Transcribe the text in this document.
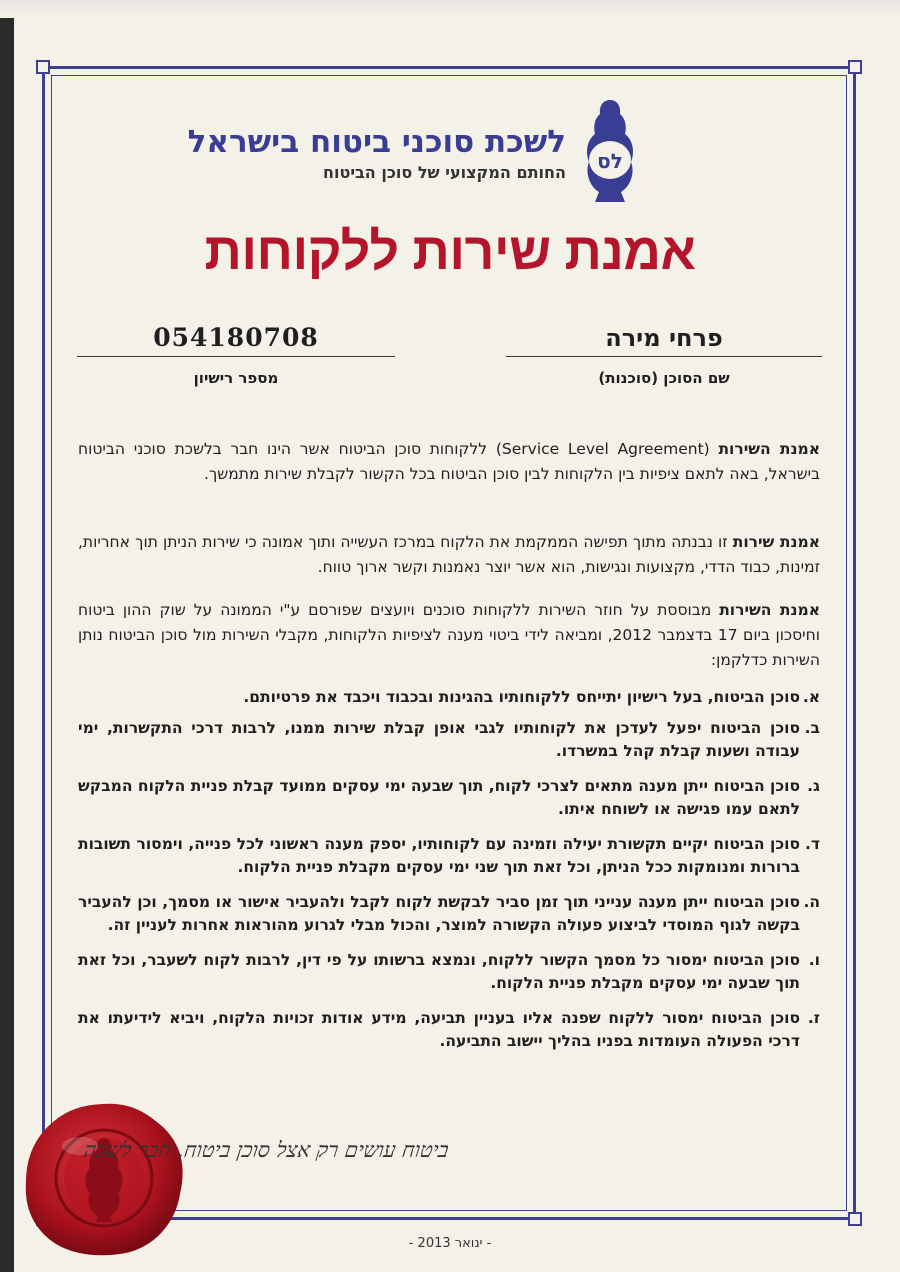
לס
לשכת סוכני ביטוח בישראל
החותם המקצועי של סוכן הביטוח
אמנת שירות ללקוחות
פרחי מירה
שם הסוכן (סוכנות)
054180708
מספר רישיון
אמנת השירות (Service Level Agreement) ללקוחות סוכן הביטוח אשר הינו חבר בלשכת סוכני הביטוח בישראל, באה לתאם ציפיות בין הלקוחות לבין סוכן הביטוח בכל הקשור לקבלת שירות מתמשך.
אמנת שירות זו נבנתה מתוך תפישה הממקמת את הלקוח במרכז העשייה ותוך אמונה כי שירות הניתן תוך אחריות, זמינות, כבוד הדדי, מקצועות ונגישות, הוא אשר יוצר נאמנות וקשר ארוך טווח.
אמנת השירות מבוססת על חוזר השירות ללקוחות סוכנים ויועצים שפורסם ע"י הממונה על שוק ההון ביטוח וחיסכון ביום 17 בדצמבר 2012, ומביאה לידי ביטוי מענה לציפיות הלקוחות, מקבלי השירות מול סוכן הביטוח נותן השירות כדלקמן:
א.
סוכן הביטוח, בעל רישיון יתייחס ללקוחותיו בהגינות ובכבוד ויכבד את פרטיותם.
ב.
סוכן הביטוח יפעל לעדכן את לקוחותיו לגבי אופן קבלת שירות ממנו, לרבות דרכי התקשרות, ימי עבודה ושעות קבלת קהל במשרדו.
ג.
סוכן הביטוח ייתן מענה מתאים לצרכי לקוח, תוך שבעה ימי עסקים ממועד קבלת פניית הלקוח המבקש לתאם עמו פגישה או לשוחח איתו.
ד.
סוכן הביטוח יקיים תקשורת יעילה וזמינה עם לקוחותיו, יספק מענה ראשוני לכל פנייה, וימסור תשובות ברורות ומנומקות ככל הניתן, וכל זאת תוך שני ימי עסקים מקבלת פניית הלקוח.
ה.
סוכן הביטוח ייתן מענה ענייני תוך זמן סביר לבקשת לקוח לקבל ולהעביר אישור או מסמך, וכן להעביר בקשה לגוף המוסדי לביצוע פעולה הקשורה למוצר, והכול מבלי לגרוע מהוראות אחרות לעניין זה.
ו.
סוכן הביטוח ימסור כל מסמך הקשור ללקוח, ונמצא ברשותו על פי דין, לרבות לקוח לשעבר, וכל זאת תוך שבעה ימי עסקים מקבלת פניית הלקוח.
ז.
סוכן הביטוח ימסור ללקוח שפנה אליו בעניין תביעה, מידע אודות זכויות הלקוח, ויביא לידיעתו את דרכי הפעולה העומדות בפניו בהליך יישוב התביעה.
ביטוח עושים רק אצל סוכן ביטוח, חבר לשכה
- ינואר 2013 -
